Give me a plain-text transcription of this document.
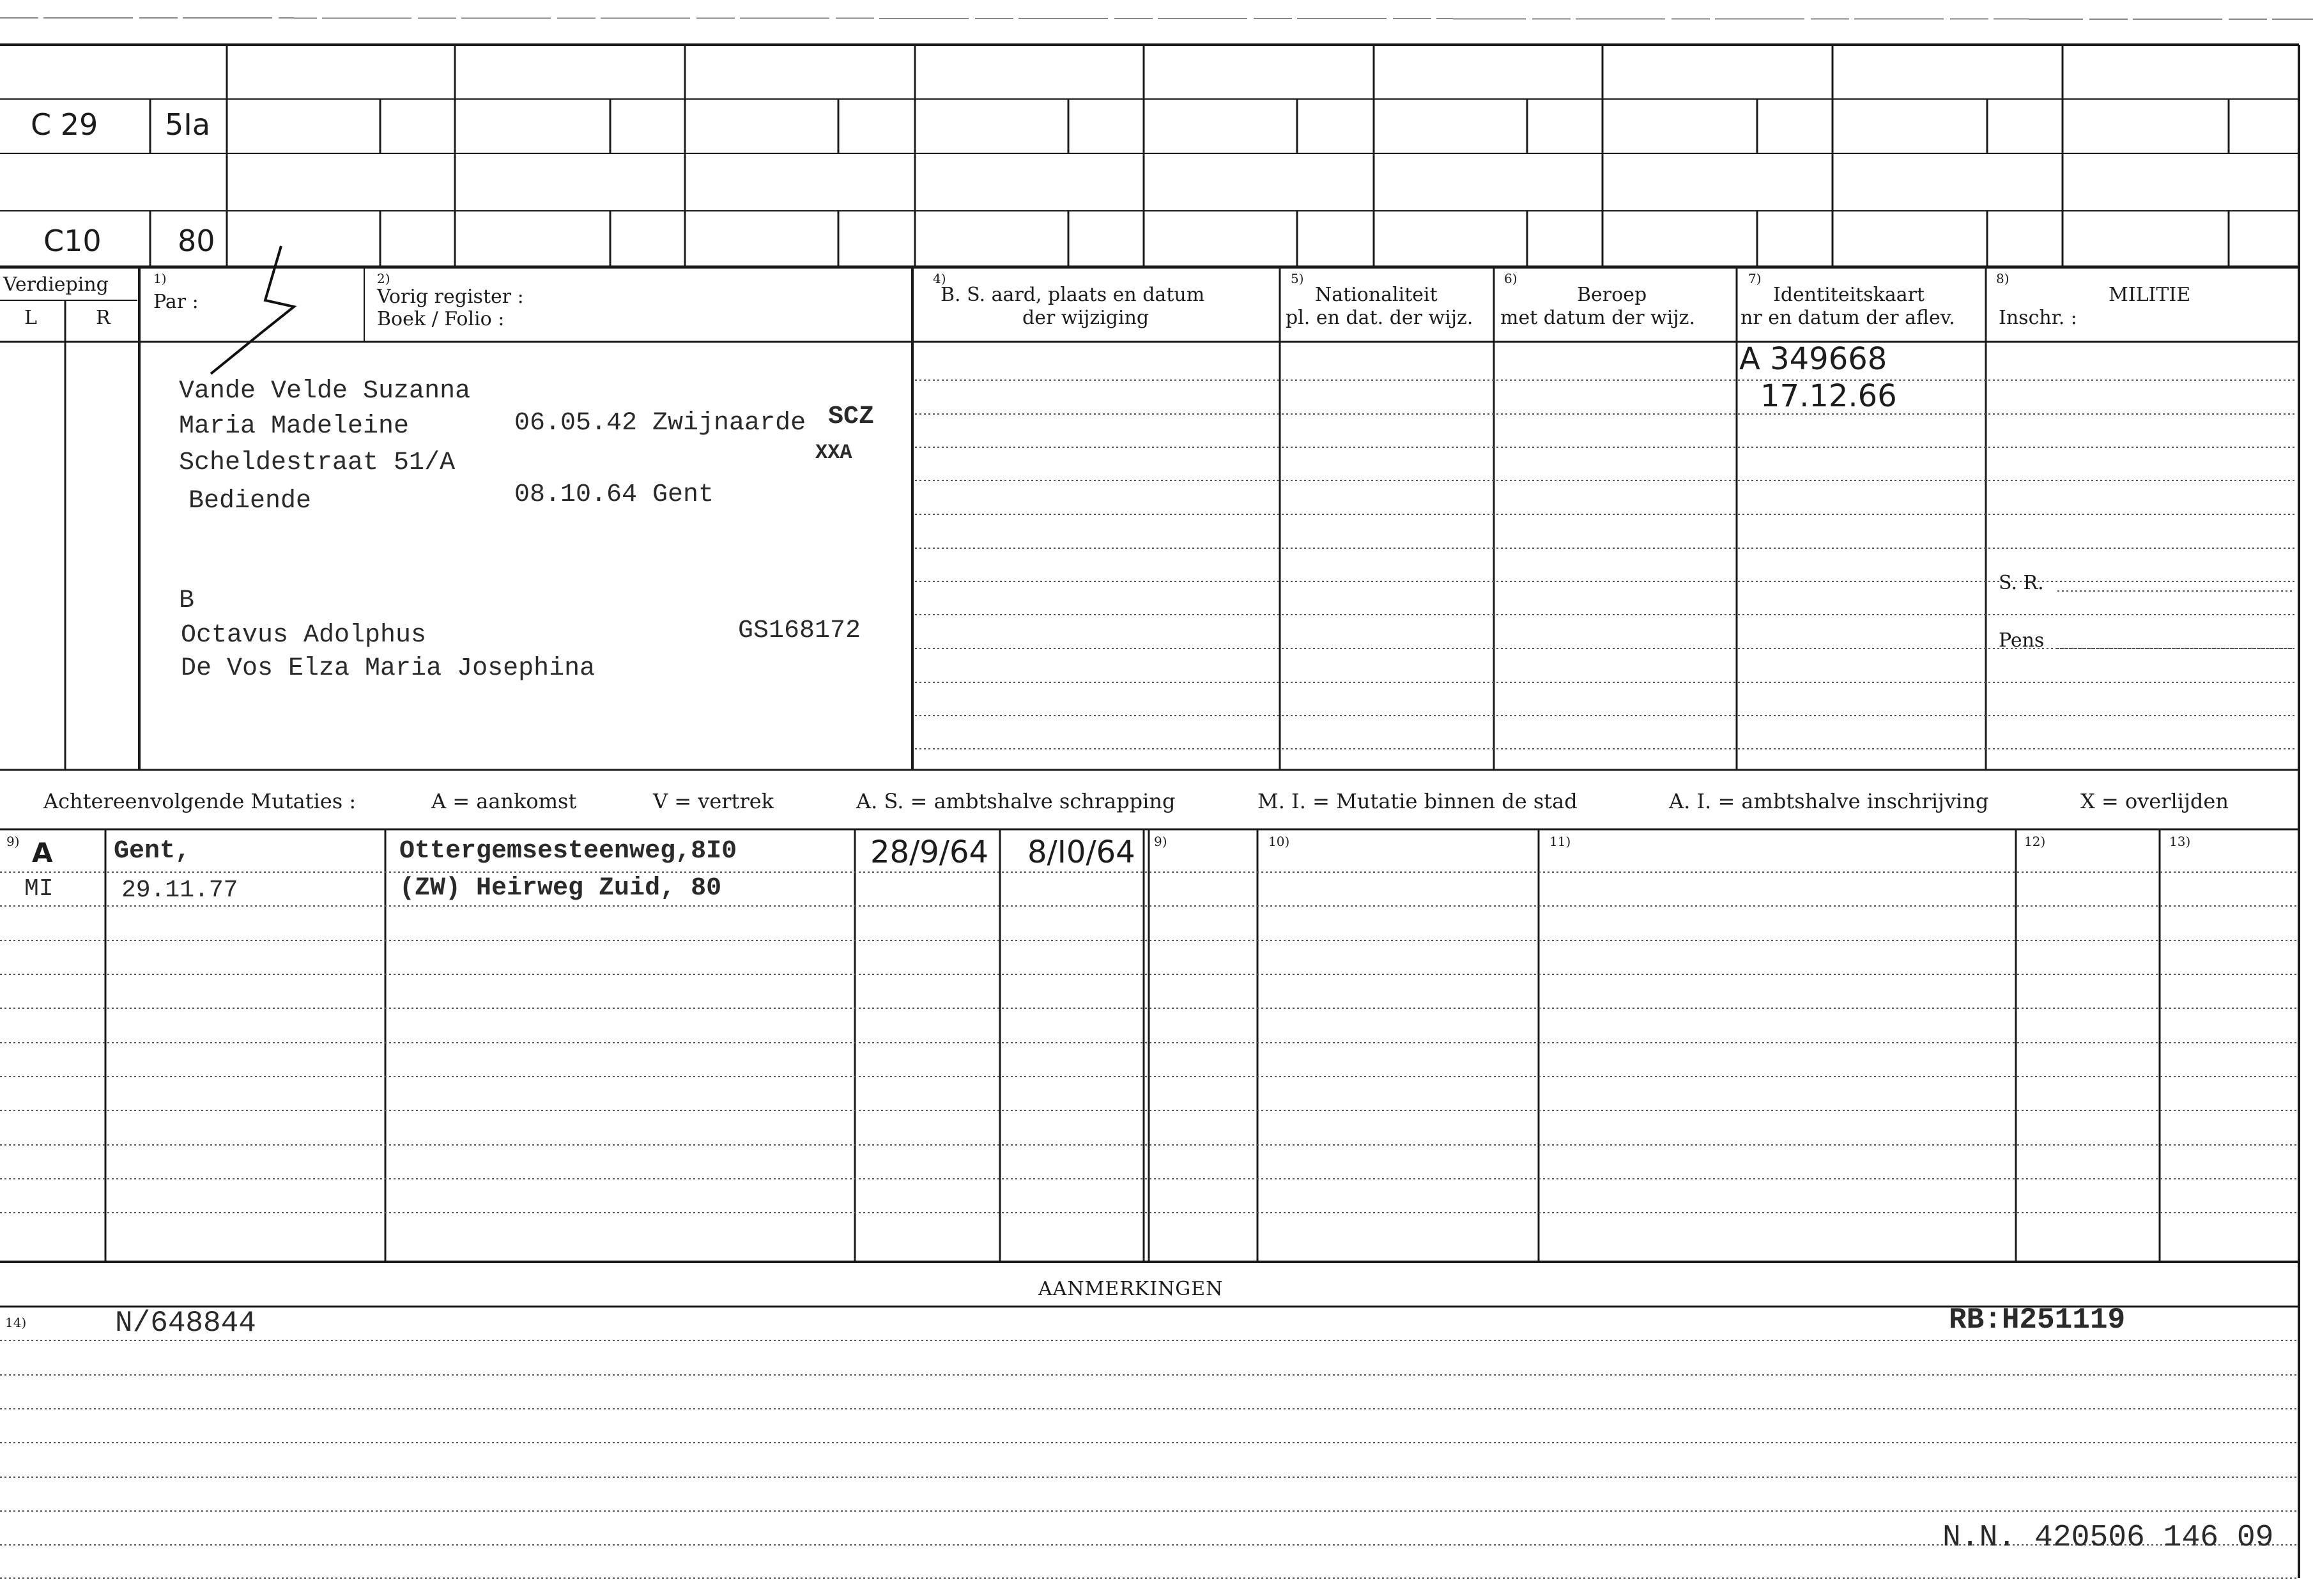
C 29 5Ia
C10	80
Verdieping
L	R
1)
Par :
2)
Vorig register :
Boek / Folio :
4)
B. S. aard, plaats en datum
der wijziging
5)
Nationaliteit
pl. en dat. der wijz.
6)
Beroep
met datum der wijz.
7)
Identiteitskaart
nr en datum der aflev.
8)
MILITIE
Inschr. :
S. R.
Pens
Vande Velde Suzanna
Maria Madeleine	06.05.42 Zwijnaarde SCZ
XXA
Scheldestraat 51/A
Bediende	08.10.64 Gent
B
Octavus Adolphus	GS168172
De Vos Elza Maria Josephina
A 349668
17.12.66
Achtereenvolgende Mutaties :	A = aankomst	V = vertrek	A. S. = ambtshalve schrapping	M. I. = Mutatie binnen de stad	A. I. = ambtshalve inschrijving	X = overlijden
9)	9)	10)	11)	12)	13)
A Gent,	Ottergemsesteenweg,8I0	28/9/64 8/I0/64
MI	29.11.77	(ZW) Heirweg Zuid, 80
AANMERKINGEN
14)	N/648844	RB:H251119
N.N. 420506 146 09
